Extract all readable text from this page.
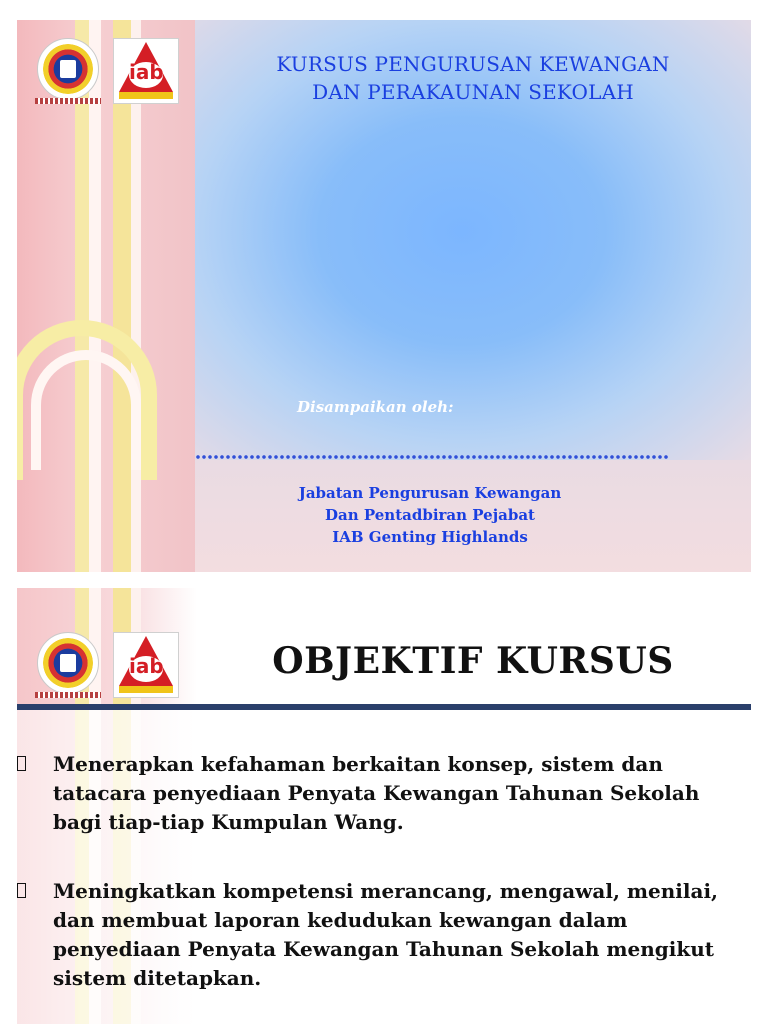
iab	KURSUS PENGURUSAN KEWANGAN
DAN PERAKAUNAN SEKOLAH
Disampaikan oleh:
Jabatan Pengurusan Kewangan
Dan Pentadbiran Pejabat
IAB Genting Highlands
iab	OBJEKTIF KURSUS
Menerapkan kefahaman berkaitan konsep, sistem dan tatacara penyediaan Penyata Kewangan Tahunan Sekolah bagi tiap-tiap Kumpulan Wang.
Meningkatkan kompetensi merancang, mengawal, menilai, dan membuat laporan kedudukan kewangan dalam penyediaan Penyata Kewangan Tahunan Sekolah mengikut sistem ditetapkan.
